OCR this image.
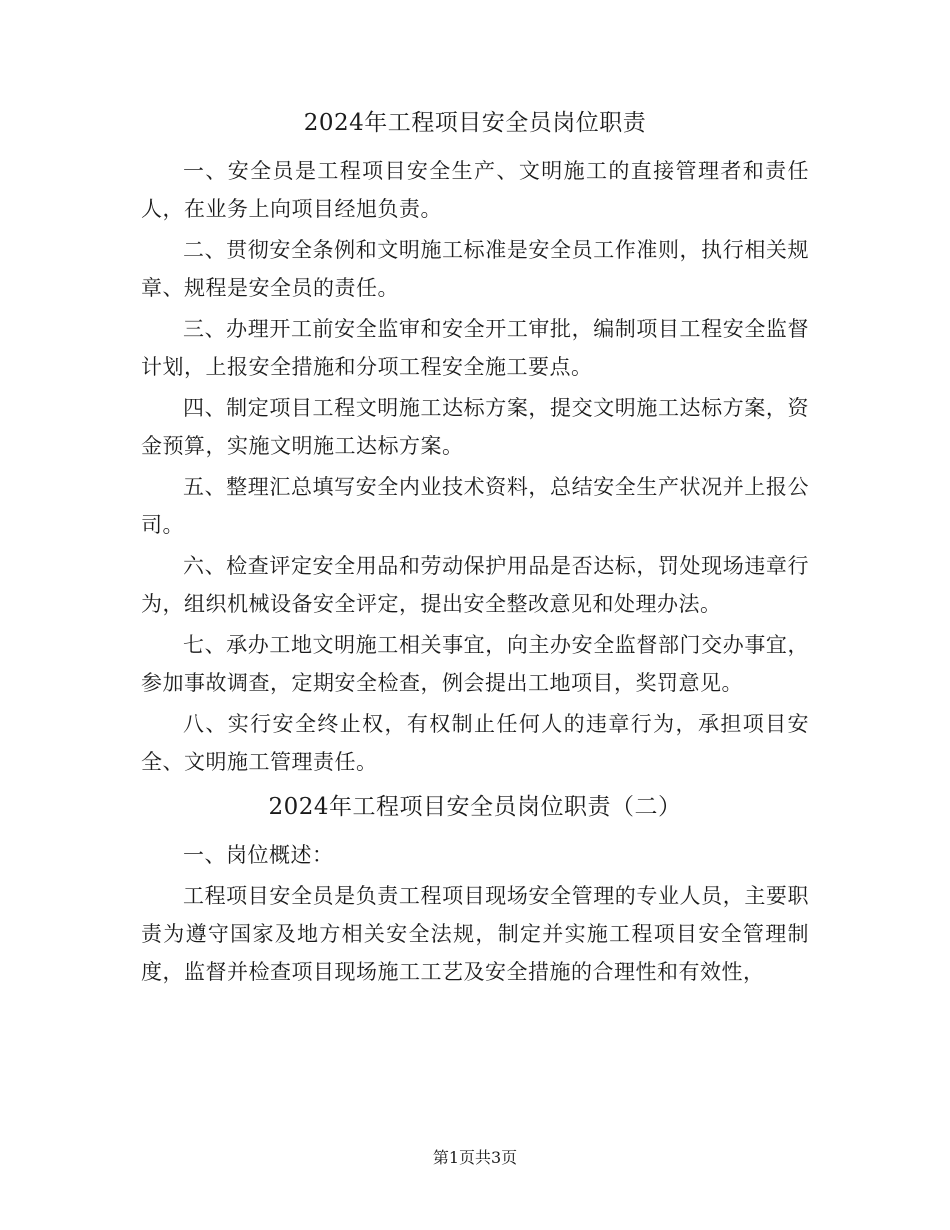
2024年工程项目安全员岗位职责

一、安全员是工程项目安全生产、文明施工的直接管理者和责任人，在业务上向项目经旭负责。

二、贯彻安全条例和文明施工标准是安全员工作准则，执行相关规章、规程是安全员的责任。

三、办理开工前安全监审和安全开工审批，编制项目工程安全监督计划，上报安全措施和分项工程安全施工要点。

四、制定项目工程文明施工达标方案，提交文明施工达标方案，资金预算，实施文明施工达标方案。

五、整理汇总填写安全内业技术资料，总结安全生产状况并上报公司。

六、检查评定安全用品和劳动保护用品是否达标，罚处现场违章行为，组织机械设备安全评定，提出安全整改意见和处理办法。

七、承办工地文明施工相关事宜，向主办安全监督部门交办事宜，参加事故调查，定期安全检查，例会提出工地项目，奖罚意见。

八、实行安全终止权，有权制止任何人的违章行为，承担项目安全、文明施工管理责任。

2024年工程项目安全员岗位职责（二）

一、岗位概述：

工程项目安全员是负责工程项目现场安全管理的专业人员，主要职责为遵守国家及地方相关安全法规，制定并实施工程项目安全管理制度，监督并检查项目现场施工工艺及安全措施的合理性和有效性，

第1页共3页
